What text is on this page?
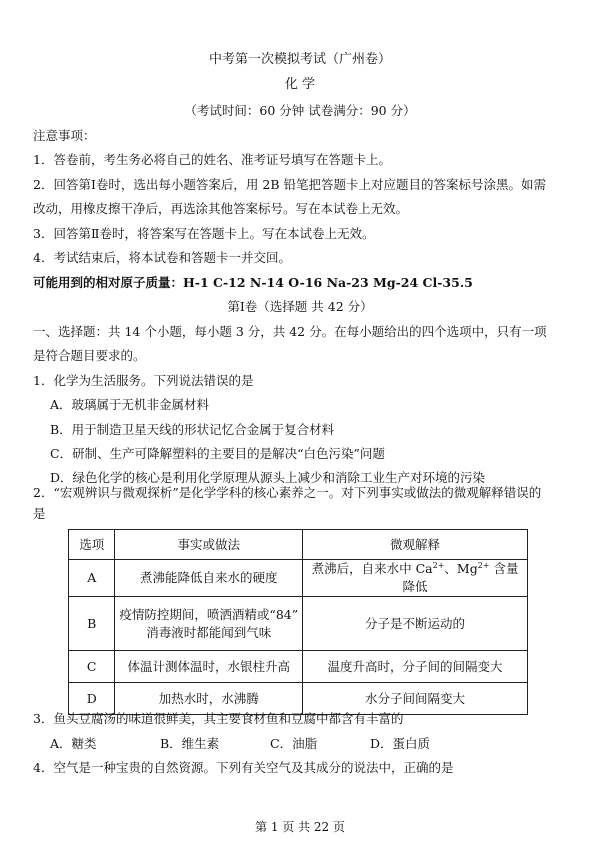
中考第一次模拟考试（广州卷）
化 学
（考试时间：60 分钟 试卷满分：90 分）
注意事项：
1．答卷前，考生务必将自己的姓名、准考证号填写在答题卡上。
2．回答第Ⅰ卷时，选出每小题答案后，用 2B 铅笔把答题卡上对应题目的答案标号涂黑。如需
改动，用橡皮擦干净后，再选涂其他答案标号。写在本试卷上无效。
3．回答第Ⅱ卷时，将答案写在答题卡上。写在本试卷上无效。
4．考试结束后，将本试卷和答题卡一并交回。
可能用到的相对原子质量：H-1 C-12 N-14 O-16 Na-23 Mg-24 Cl-35.5
第Ⅰ卷（选择题 共 42 分）
一、选择题：共 14 个小题，每小题 3 分，共 42 分。在每小题给出的四个选项中，只有一项
是符合题目要求的。
1．化学为生活服务。下列说法错误的是
A．玻璃属于无机非金属材料
B．用于制造卫星天线的形状记忆合金属于复合材料
C．研制、生产可降解塑料的主要目的是解决“白色污染”问题
D．绿色化学的核心是利用化学原理从源头上减少和消除工业生产对环境的污染
2．“宏观辨识与微观探析”是化学学科的核心素养之一。对下列事实或做法的微观解释错误的
是
选项	事实或做法	微观解释
A	煮沸能降低自来水的硬度	煮沸后，自来水中 $Ca^{2+}$、$Mg^{2+}$ 含量降低
B	疫情防控期间，喷洒酒精或“84”
消毒液时都能闻到气味	分子是不断运动的
C	体温计测体温时，水银柱升高	温度升高时，分子间的间隔变大
D	加热水时，水沸腾	水分子间间隔变大
3．鱼头豆腐汤的味道很鲜美，其主要食材鱼和豆腐中都含有丰富的
A．糖类	B．维生素	C．油脂	D．蛋白质
4．空气是一种宝贵的自然资源。下列有关空气及其成分的说法中，正确的是
第 1 页 共 22 页
